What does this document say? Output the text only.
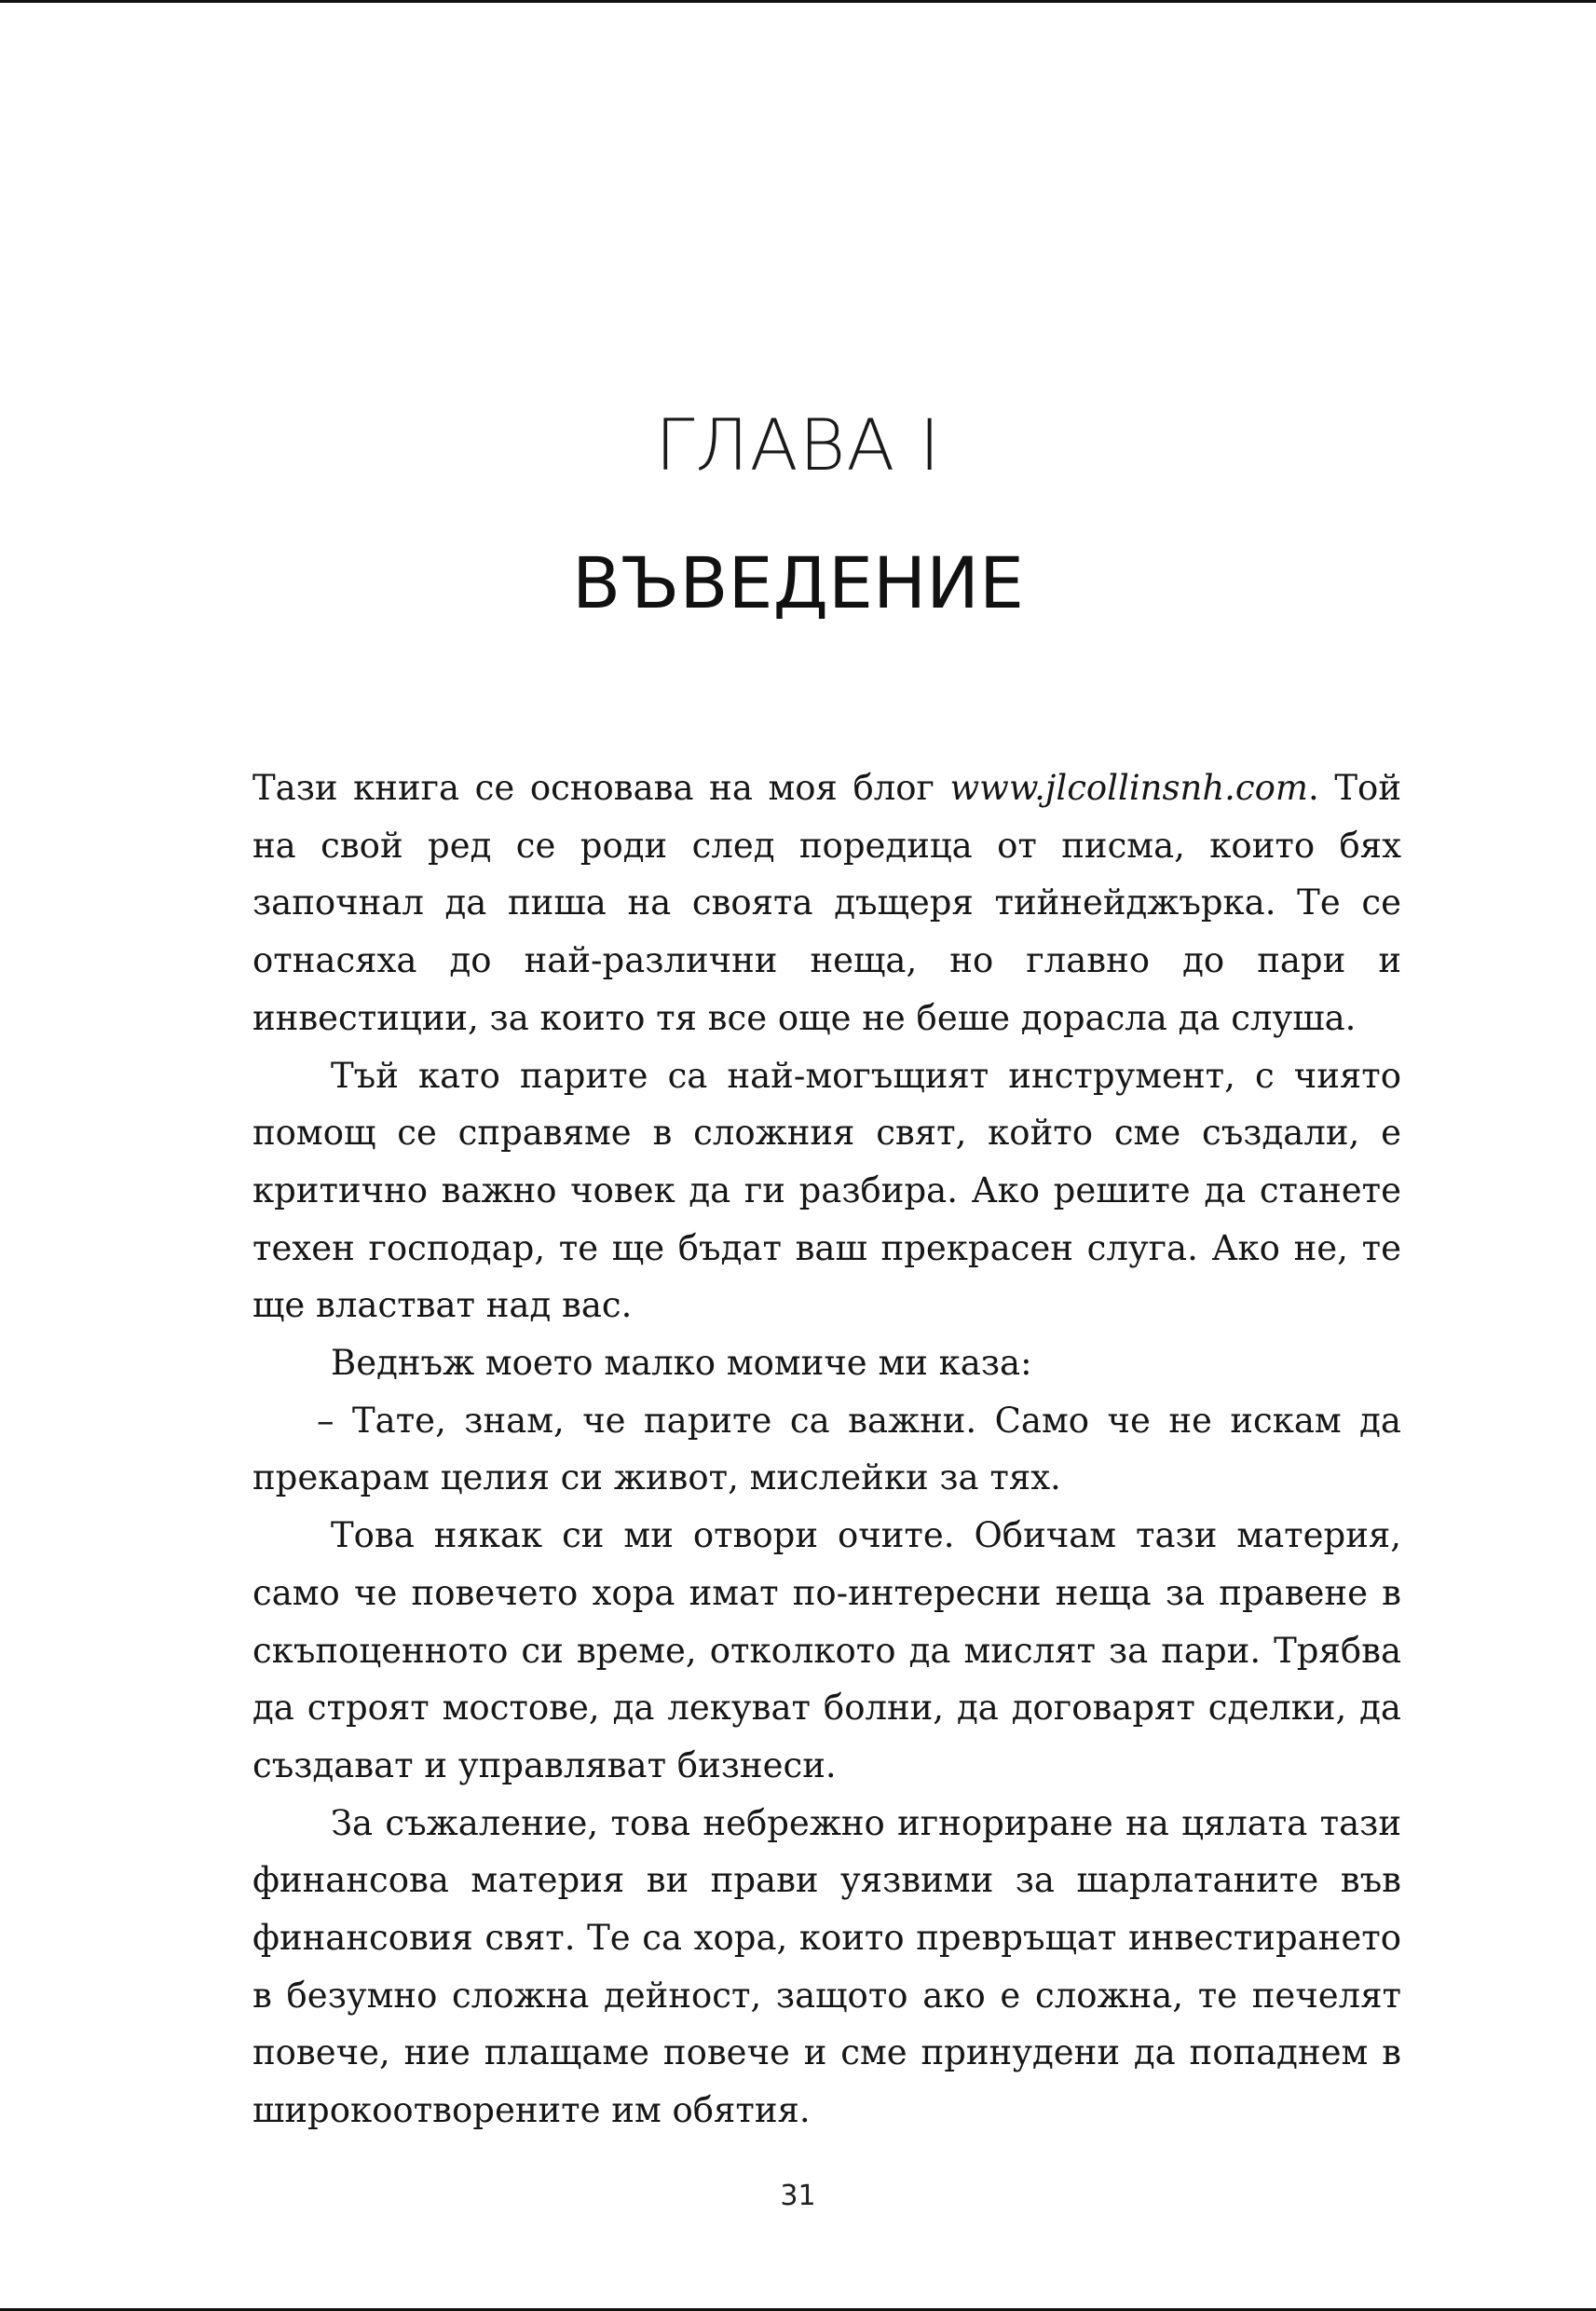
ГЛАВА I
ВЪВЕДЕНИЕ

Тази книга се основава на моя блог www.jlcollinsnh.com. Той на свой ред се роди след поредица от писма, които бях започнал да пиша на своята дъщеря тийнейджърка. Те се отнасяха до най-различни неща, но главно до пари и инвестиции, за които тя все още не беше дорасла да слуша.

Тъй като парите са най-могъщият инструмент, с чиято помощ се справяме в сложния свят, който сме създали, е критично важно човек да ги разбира. Ако решите да станете техен господар, те ще бъдат ваш прекрасен слуга. Ако не, те ще властват над вас.

Веднъж моето малко момиче ми каза:

– Тате, знам, че парите са важни. Само че не искам да прекарам целия си живот, мислейки за тях.

Това някак си ми отвори очите. Обичам тази материя, само че повечето хора имат по-интересни неща за правене в скъпоценното си време, отколкото да мислят за пари. Трябва да строят мостове, да лекуват болни, да договарят сделки, да създават и управляват бизнеси.

За съжаление, това небрежно игнориране на цялата тази финансова материя ви прави уязвими за шарлатаните във финансовия свят. Те са хора, които превръщат инвестирането в безумно сложна дейност, защото ако е сложна, те печелят повече, ние плащаме повече и сме принудени да попаднем в широкоотворените им обятия.

31
